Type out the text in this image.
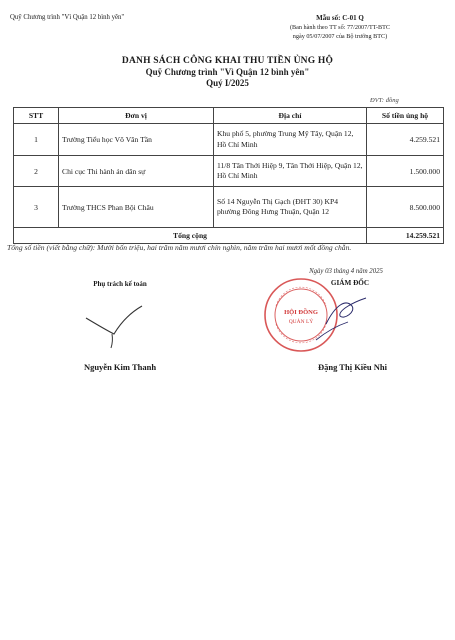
Quỹ Chương trình "Vì Quận 12 bình yên"	Mẫu số: C-01 Q
(Ban hành theo TT số: 77/2007/TT-BTC
ngày 05/07/2007 của Bộ trưởng BTC)
DANH SÁCH CÔNG KHAI THU TIỀN ỦNG HỘ
Quỹ Chương trình "Vì Quận 12 bình yên"
Quý I/2025
ĐVT: đồng
STT	Đơn vị	Địa chỉ	Số tiền ủng hộ
1	Trường Tiểu học Võ Văn Tần	Khu phố 5, phường Trung Mỹ Tây, Quận 12, Hồ Chí Minh	4.259.521
2	Chi cục Thi hành án dân sự	11/8 Tân Thới Hiệp 9, Tân Thới Hiệp, Quận 12, Hồ Chí Minh	1.500.000
3	Trường THCS Phan Bội Châu	Số 14 Nguyễn Thị Gạch (ĐHT 30) KP4 phường Đông Hưng Thuận, Quận 12	8.500.000
Tổng cộng			14.259.521
Tổng số tiền (viết bằng chữ): Mười bốn triệu, hai trăm năm mươi chín nghìn, năm trăm hai mươi mốt đồng chẵn.
Ngày 03 tháng 4 năm 2025
HỘI ĐỒNG
QUẢN LÝ
GIÁM ĐỐC
Phụ trách kế toán
Nguyễn Kim Thanh	Đặng Thị Kiều Nhi
